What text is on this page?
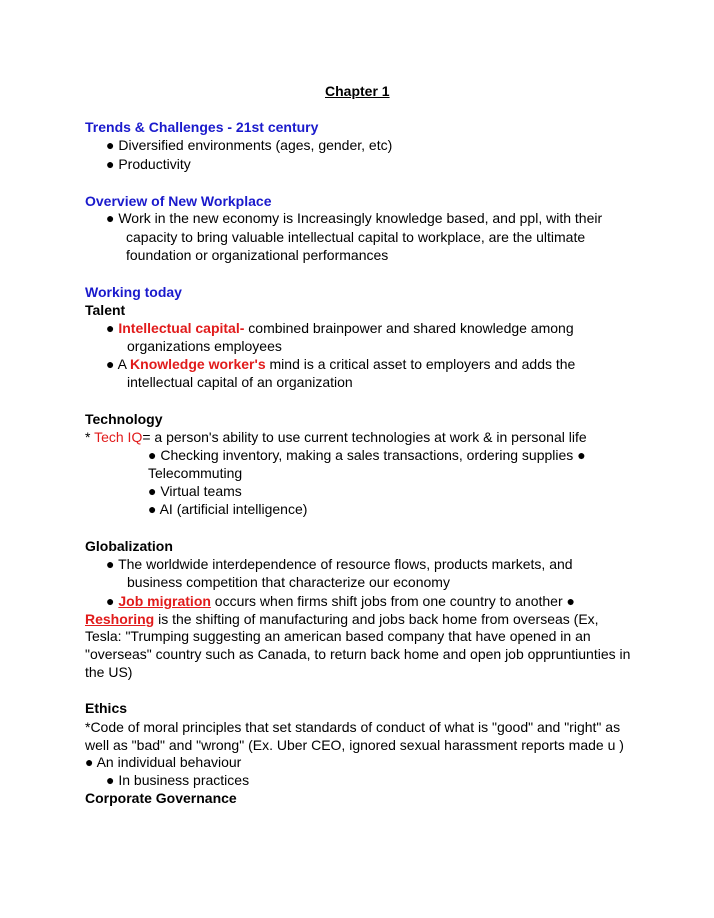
Chapter 1
Trends & Challenges - 21st century
● Diversified environments (ages, gender, etc)
● Productivity
Overview of New Workplace
● Work in the new economy is Increasingly knowledge based, and ppl, with their
capacity to bring valuable intellectual capital to workplace, are the ultimate
foundation or organizational performances
Working today
Talent
● Intellectual capital- combined brainpower and shared knowledge among
organizations employees
● A Knowledge worker's mind is a critical asset to employers and adds the
intellectual capital of an organization
Technology
* Tech IQ= a person's ability to use current technologies at work & in personal life
● Checking inventory, making a sales transactions, ordering supplies ●
Telecommuting
● Virtual teams
● AI (artificial intelligence)
Globalization
● The worldwide interdependence of resource flows, products markets, and
business competition that characterize our economy
● Job migration occurs when firms shift jobs from one country to another ●
Reshoring is the shifting of manufacturing and jobs back home from overseas (Ex,
Tesla: "Trumping suggesting an american based company that have opened in an
"overseas" country such as Canada, to return back home and open job oppruntiunties in
the US)
Ethics
*Code of moral principles that set standards of conduct of what is "good" and "right" as
well as "bad" and "wrong" (Ex. Uber CEO, ignored sexual harassment reports made u )
● An individual behaviour
● In business practices
Corporate Governance
